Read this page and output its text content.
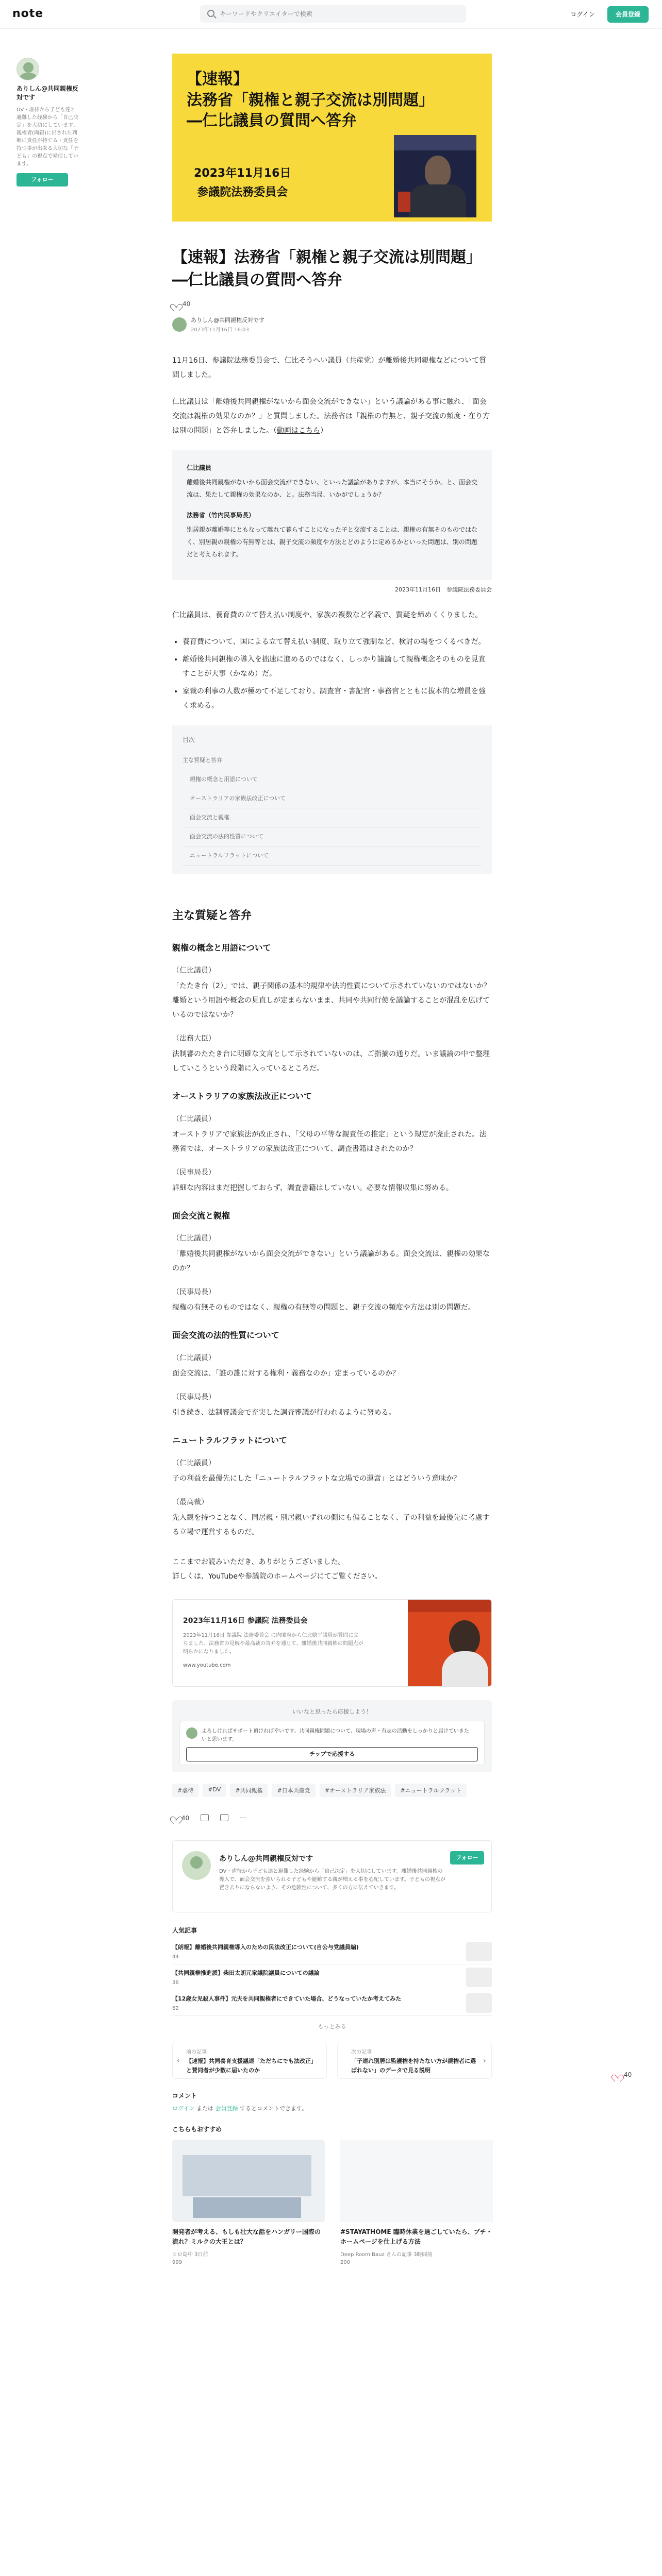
note
キーワードやクリエイターで検索	ログイン	会員登録
ありしん@共同親権反対です
DV・虐待から子ども達と避難した経験から「自己決定」を大切にしています。親権者(両親)に出された判断に責任が持てる・責任を持つ事が出来る大切な「子ども」の視点で発信しています。
フォロー
40
【速報】
法務省「親権と親子交流は別問題」
―仁比議員の質問へ答弁
2023年11月16日
参議院法務委員会
【速報】法務省「親権と親子交流は別問題」―仁比議員の質問へ答弁
40
ありしん@共同親権反対です
2023年11月16日 16:03

11月16日、参議院法務委員会で、仁比そうへい議員（共産党）が離婚後共同親権などについて質問しました。

仁比議員は「離婚後共同親権がないから面会交流ができない」という議論がある事に触れ、「面会交流は親権の効果なのか？」と質問しました。法務省は「親権の有無と、親子交流の頻度・在り方は別の問題」と答弁しました。（動画はこちら）

仁比議員
離婚後共同親権がないから面会交流ができない、といった議論がありますが、本当にそうか。と、面会交流は、果たして親権の効果なのか、と。法務当局、いかがでしょうか？
法務省（竹内民事局長）
別居親が離婚等にともなって離れて暮らすことになった子と交流することは、親権の有無そのものではなく、別居親の親権の有無等とは、親子交流の頻度や方法とどのように定めるかといった問題は、別の問題だと考えられます。
2023年11月16日　参議院法務委員会

仁比議員は、養育費の立て替え払い制度や、家族の複数など名義で、質疑を締めくくりました。

• 養育費について、国による立て替え払い制度、取り立て強制など、検討の場をつくるべきだ。
• 離婚後共同親権の導入を拙速に進めるのではなく、しっかり議論して親権概念そのものを見直すことが大事（かなめ）だ。
• 家裁の利事の人数が極めて不足しており、調査官・書記官・事務官とともに抜本的な増員を強く求める。
目次
主な質疑と答弁
親権の概念と用語について
オーストラリアの家族法改正について
面会交流と親権
面会交流の法的性質について
ニュートラルフラットについて
主な質疑と答弁
親権の概念と用語について
（仁比議員）
「たたき台（2）」では、親子関係の基本的規律や法的性質について示されていないのではないか？離婚という用語や概念の見直しが定まらないまま、共同や共同行使を議論することが混乱を広げているのではないか？
（法務大臣）
法制審のたたき台に明確な文言として示されていないのは、ご指摘の通りだ。いま議論の中で整理していこうという段階に入っているところだ。
オーストラリアの家族法改正について
（仁比議員）
オーストラリアで家族法が改正され、「父母の平等な親責任の推定」という規定が廃止された。法務省では、オーストラリアの家族法改正について、調査書籍はされたのか？
（民事局長）
詳細な内容はまだ把握しておらず、調査書籍はしていない。必要な情報収集に努める。
面会交流と親権
（仁比議員）
「離婚後共同親権がないから面会交流ができない」という議論がある。面会交流は、親権の効果なのか？
（民事局長）
親権の有無そのものではなく、親権の有無等の問題と、親子交流の頻度や方法は別の問題だ。
面会交流の法的性質について
（仁比議員）
面会交流は、「誰の誰に対する権利・義務なのか」定まっているのか？
（民事局長）
引き続き、法制審議会で充実した調査審議が行われるように努める。
ニュートラルフラットについて
（仁比議員）
子の利益を最優先にした「ニュートラルフラットな立場での運営」とはどういう意味か？
（最高裁）
先入観を持つことなく、同居親・別居親いずれの側にも偏ることなく、子の利益を最優先に考慮する立場で運営するものだ。
ここまでお読みいただき、ありがとうございました。
詳しくは、YouTubeや参議院のホームページにてご覧ください。
2023年11月16日 参議院 法務委員会
2023年11月16日 参議院 法務委員会 に内閣府から仁比聡平議員が質問に立ちました。法務省の見解や最高裁の答弁を通じて、離婚後共同親権の問題点が明らかになりました。
www.youtube.com
いいなと思ったら応援しよう！
よろしければサポート頂ければ幸いです。共同親権問題について、現場の声・有志の活動をしっかりと届けていきたいと思います。
チップで応援する
#虐待	#DV	#共同親権	#日本共産党	#オーストラリア家族法	#ニュートラルフラット
40	⋯
ありしん@共同親権反対です
DV・虐待から子ども達と避難した経験から「自己決定」を大切にしています。離婚後共同親権の導入で、面会交流を強いられる子どもや避難する親が増える事を心配しています。子どもの視点が置き去りにならないよう、その危険性について、多くの方に伝えていきます。
フォロー
人気記事
【朗報】離婚後共同親権導入のための民法改正について(自公与党議員編)
44
【共同親権推進派】柴田太朗元衆議院議員についての議論
36
【12歳女児殺人事件】元夫を共同親権者にできていた場合、どうなっていたか考えてみた
62
もっとみる
‹
前の記事
【速報】共同養育支援議連「ただちにでも法改正」と賛同者が少数に届いたのか
›
次の記事
「子連れ別居は監護権を持たない方が親権者に選ばれない」のデータで見る説明
コメント
ログイン または 会員登録 するとコメントできます。
こちらもおすすめ
開発者が考える、もしも壮大な話をハンガリー国際の流れ？ミルクの大王とは？
ヒロ島中 3日前
999
#STAYATHOME 臨時休業を過ごしていたら、プチ・ホームページを仕上げる方法
Deep Room Bauz さんの記事 3時間前
200
